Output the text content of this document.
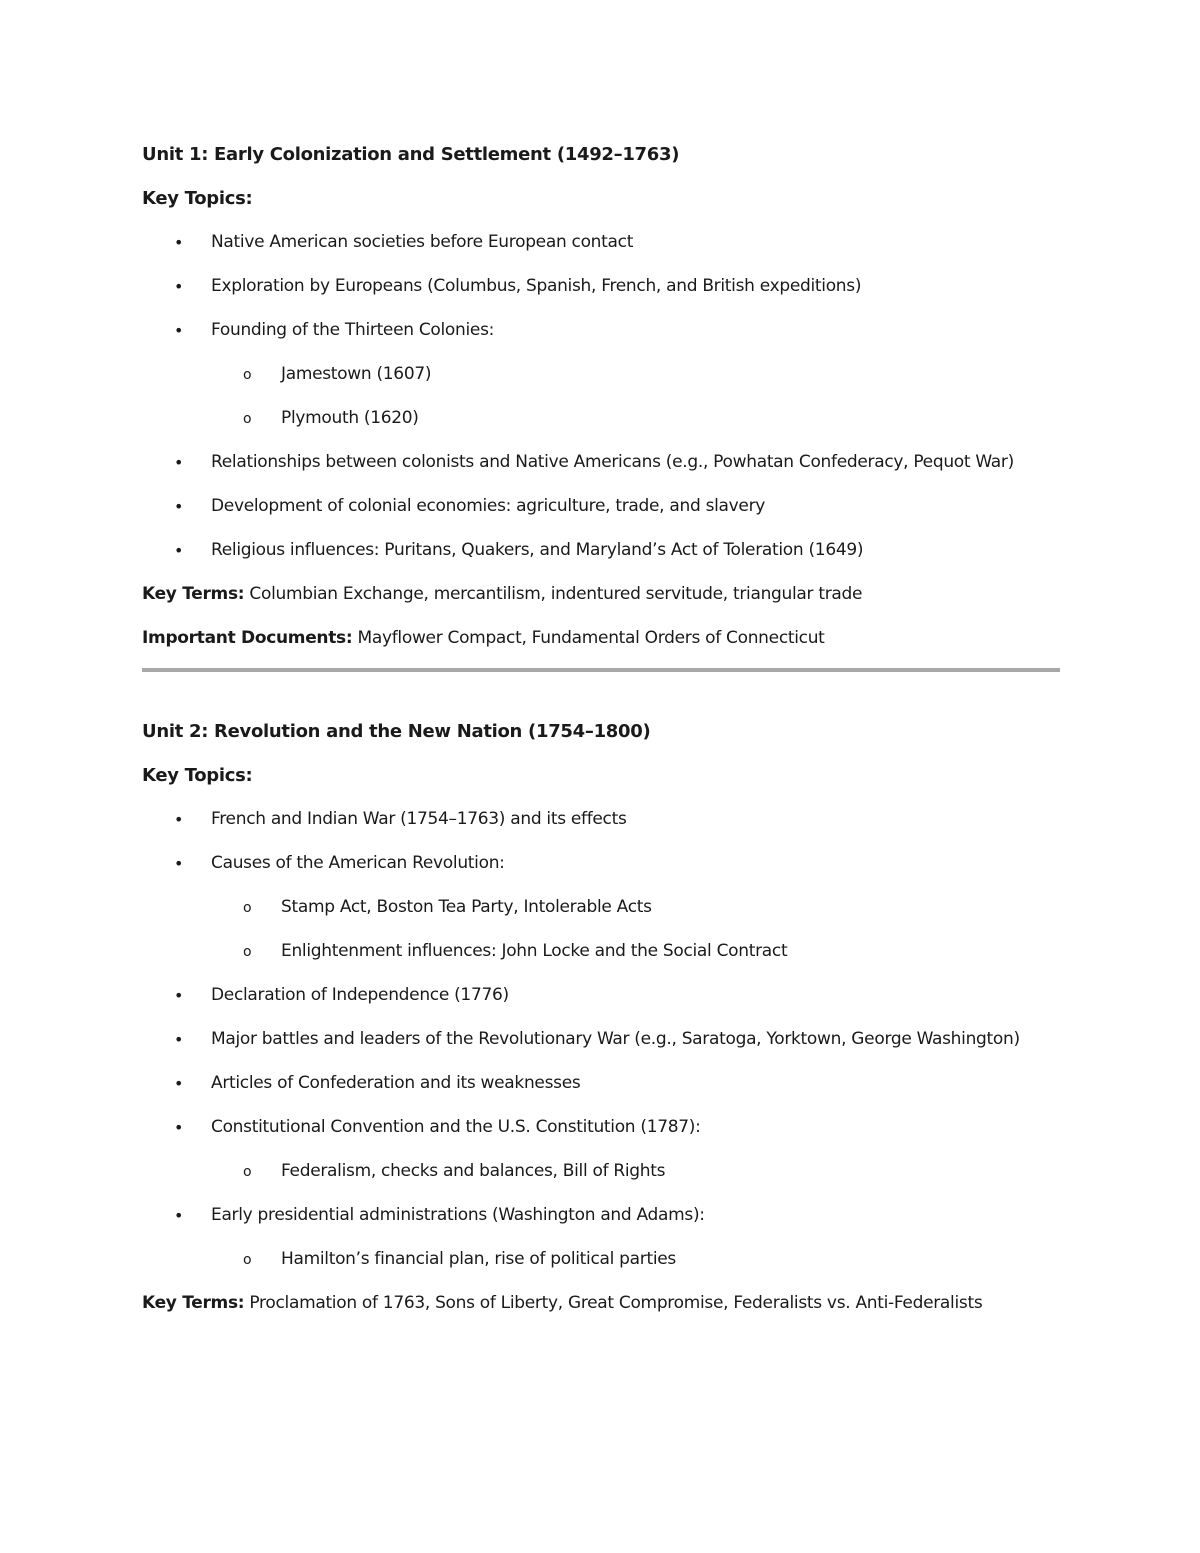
Unit 1: Early Colonization and Settlement (1492–1763)
Key Topics:
• Native American societies before European contact
• Exploration by Europeans (Columbus, Spanish, French, and British expeditions)
• Founding of the Thirteen Colonies:
o Jamestown (1607)
o Plymouth (1620)
• Relationships between colonists and Native Americans (e.g., Powhatan Confederacy, Pequot War)
• Development of colonial economies: agriculture, trade, and slavery
• Religious influences: Puritans, Quakers, and Maryland’s Act of Toleration (1649)
Key Terms: Columbian Exchange, mercantilism, indentured servitude, triangular trade
Important Documents: Mayflower Compact, Fundamental Orders of Connecticut
Unit 2: Revolution and the New Nation (1754–1800)
Key Topics:
• French and Indian War (1754–1763) and its effects
• Causes of the American Revolution:
o Stamp Act, Boston Tea Party, Intolerable Acts
o Enlightenment influences: John Locke and the Social Contract
• Declaration of Independence (1776)
• Major battles and leaders of the Revolutionary War (e.g., Saratoga, Yorktown, George Washington)
• Articles of Confederation and its weaknesses
• Constitutional Convention and the U.S. Constitution (1787):
o Federalism, checks and balances, Bill of Rights
• Early presidential administrations (Washington and Adams):
o Hamilton’s financial plan, rise of political parties
Key Terms: Proclamation of 1763, Sons of Liberty, Great Compromise, Federalists vs. Anti-Federalists
